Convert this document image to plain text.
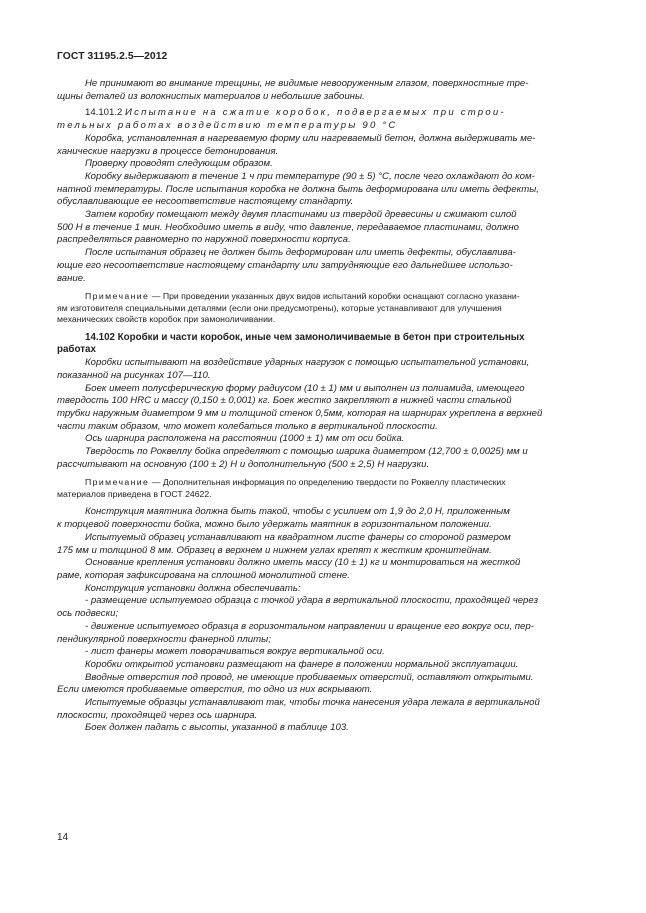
ГОСТ 31195.2.5—2012

Не принимают во внимание трещины, не видимые невооруженным глазом, поверхностные тре-

щины деталей из волокнистых материалов и небольшие забоины.

14.101.2 Испытание на сжатие коробок, подвергаемых при строи-

тельных работах воздействию температуры 90 °С

Коробка, установленная в нагреваемую форму или нагреваемый бетон, должна выдерживать ме-

ханические нагрузки в процессе бетонирования.

Проверку проводят следующим образом.

Коробку выдерживают в течение 1 ч при температуре (90 ± 5) °С, после чего охлаждают до ком-

натной температуры. После испытания коробка не должна быть деформирована или иметь дефекты,

обуславливающие ее несоответствие настоящему стандарту.

Затем коробку помещают между двумя пластинами из твердой древесины и сжимают силой

500 Н в течение 1 мин. Необходимо иметь в виду, что давление, передаваемое пластинами, должно

распределяться равномерно по наружной поверхности корпуса.

После испытания образец не должен быть деформирован или иметь дефекты, обуславлива-

ющие его несоответствие настоящему стандарту или затрудняющие его дальнейшее использо-

вание.

Примечание — При проведении указанных двух видов испытаний коробки оснащают согласно указани-

ям изготовителя специальными деталями (если они предусмотрены), которые устанавливают для улучшения

механических свойств коробок при замоноличивании.

14.102 Коробки и части коробок, иные чем замоноличиваемые в бетон при строительных

работах

Коробки испытывают на воздействие ударных нагрузок с помощью испытательной установки,

показанной на рисунках 107—110.

Боек имеет полусферическую форму радиусом (10 ± 1) мм и выполнен из полиамида, имеющего

твердость 100 HRC и массу (0,150 ± 0,001) кг. Боек жестко закрепляют в нижней части стальной

трубки наружным диаметром 9 мм и толщиной стенок 0,5мм, которая на шарнирах укреплена в верхней

части таким образом, что может колебаться только в вертикальной плоскости.

Ось шарнира расположена на расстоянии (1000 ± 1) мм от оси бойка.

Твердость по Роквеллу бойка определяют с помощью шарика диаметром (12,700 ± 0,0025) мм и

рассчитывают на основную (100 ± 2) Н и дополнительную (500 ± 2,5) Н нагрузки.

Примечание — Дополнительная информация по определению твердости по Роквеллу пластических

материалов приведена в ГОСТ 24622.

Конструкция маятника должна быть такой, чтобы с усилием от 1,9 до 2,0 Н, приложенным

к торцевой поверхности бойка, можно было удержать маятник в горизонтальном положении.

Испытуемый образец устанавливают на квадратном листе фанеры со стороной размером

175 мм и толщиной 8 мм. Образец в верхнем и нижнем углах крепят к жестким кронштейнам.

Основание крепления установки должно иметь массу (10 ± 1) кг и монтироваться на жесткой

раме, которая зафиксирована на сплошной монолитной стене.

Конструкция установки должна обеспечивать:

- размещение испытуемого образца с точкой удара в вертикальной плоскости, проходящей через

ось подвески;

- движение испытуемого образца в горизонтальном направлении и вращение его вокруг оси, пер-

пендикулярной поверхности фанерной плиты;

- лист фанеры может поворачиваться вокруг вертикальной оси.

Коробки открытой установки размещают на фанере в положении нормальной эксплуатации.

Вводные отверстия под провод, не имеющие пробиваемых отверстий, оставляют открытыми.

Если имеются пробиваемые отверстия, то одно из них вскрывают.

Испытуемые образцы устанавливают так, чтобы точка нанесения удара лежала в вертикальной

плоскости, проходящей через ось шарнира.

Боек должен падать с высоты, указанной в таблице 103.

14
